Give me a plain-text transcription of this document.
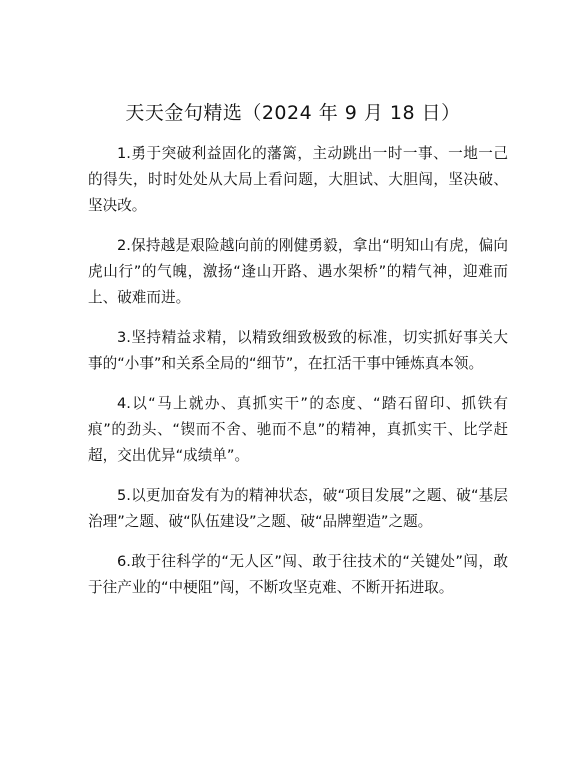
天天金句精选（2024 年 9 月 18 日）

1.勇于突破利益固化的藩篱，主动跳出一时一事、一地一己的得失，时时处处从大局上看问题，大胆试、大胆闯，坚决破、坚决改。

2.保持越是艰险越向前的刚健勇毅，拿出“明知山有虎，偏向虎山行”的气魄，激扬“逢山开路、遇水架桥”的精气神，迎难而上、破难而进。

3.坚持精益求精，以精致细致极致的标准，切实抓好事关大事的“小事”和关系全局的“细节”，在扛活干事中锤炼真本领。

4.以“马上就办、真抓实干”的态度、“踏石留印、抓铁有痕”的劲头、“锲而不舍、驰而不息”的精神，真抓实干、比学赶超，交出优异“成绩单”。

5.以更加奋发有为的精神状态，破“项目发展”之题、破“基层治理”之题、破“队伍建设”之题、破“品牌塑造”之题。

6.敢于往科学的“无人区”闯、敢于往技术的“关键处”闯，敢于往产业的“中梗阻”闯，不断攻坚克难、不断开拓进取。
